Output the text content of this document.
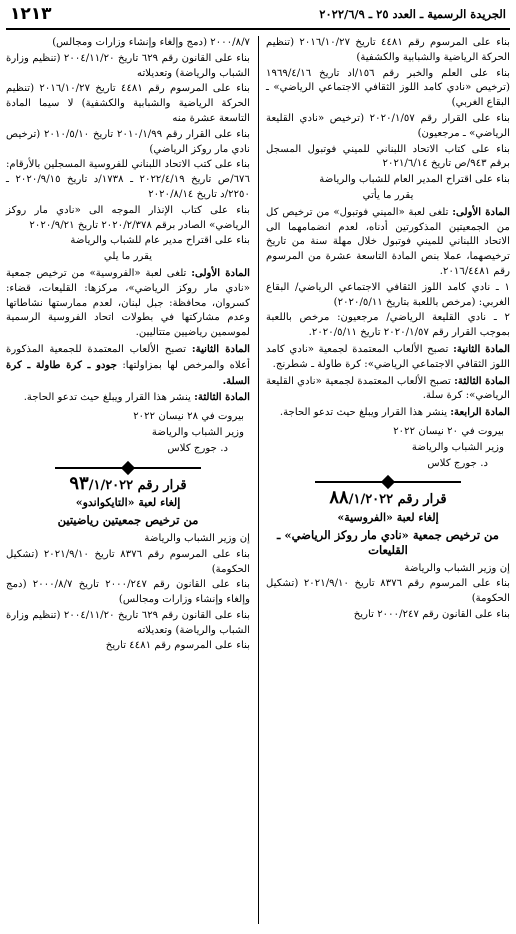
الجريدة الرسمية ـ العدد ٢٥ ـ ٢٠٢٢/٦/٩
١٢١٣

بناء على المرسوم رقم ٤٤٨١ تاريخ ٢٠١٦/١٠/٢٧ (تنظيم الحركة الرياضية والشبابية والكشفية)

بناء على العلم والخبر رقم ١٥٦/اد تاريخ ١٩٦٩/٤/١٦ (ترخيص «نادي كامد اللوز الثقافي الاجتماعي الرياضي» ـ البقاع الغربي)

بناء على القرار رقم ٢٠٢٠/١/٥٧ (ترخيص «نادي القليعة الرياضي» ـ مرجعيون)

بناء على كتاب الاتحاد اللبناني للميني فوتبول المسجل برقم ٩٤٣/ص تاريخ ٢٠٢١/٦/١٤

بناء على اقتراح المدير العام للشباب والرياضة

يقرر ما يأتي

المادة الأولى: تلغى لعبة «الميني فوتبول» من ترخيص كل من الجمعيتين المذكورتين أدناه، لعدم انضمامهما الى الاتحاد اللبناني للميني فوتبول خلال مهلة سنة من تاريخ ترخيصهما، عملا بنص المادة التاسعة عشرة من المرسوم رقم ٢٠١٦/٤٤٨١.

١ ـ نادي كامد اللوز الثقافي الاجتماعي الرياضي/ البقاع الغربي: (مرخص باللعبة بتاريخ ٢٠٢٠/٥/١١)

٢ ـ نادي القليعة الرياضي/ مرجعيون: مرخص باللعبة بموجب القرار رقم ٢٠٢٠/١/٥٧ تاريخ ٢٠٢٠/٥/١١.

المادة الثانية: تصبح الألعاب المعتمدة لجمعية «نادي كامد اللوز الثقافي الاجتماعي الرياضي»: كرة طاولة ـ شطرنج.

المادة الثالثة: تصبح الألعاب المعتمدة لجمعية «نادي القليعة الرياضي»: كرة سلة.

المادة الرابعة: ينشر هذا القرار ويبلغ حيث تدعو الحاجة.

بيروت في ٢٠ نيسان ٢٠٢٢

وزير الشباب والرياضة

د. جورج كلاس

قرار رقم ٨٨/١/٢٠٢٢
إلغاء لعبة «الفروسية»
من ترخيص جمعية «نادي مار روكز الرياضي» ـ القليعات

إن وزير الشباب والرياضة

بناء على المرسوم رقم ٨٣٧٦ تاريخ ٢٠٢١/٩/١٠ (تشكيل الحكومة)

بناء على القانون رقم ٢٠٠٠/٢٤٧ تاريخ

٢٠٠٠/٨/٧ (دمج وإلغاء وإنشاء وزارات ومجالس)

بناء على القانون رقم ٦٢٩ تاريخ ٢٠٠٤/١١/٢٠ (تنظيم وزارة الشباب والرياضة) وتعديلاته

بناء على المرسوم رقم ٤٤٨١ تاريخ ٢٠١٦/١٠/٢٧ (تنظيم الحركة الرياضية والشبابية والكشفية) لا سيما المادة التاسعة عشرة منه

بناء على القرار رقم ٢٠١٠/١/٩٩ تاريخ ٢٠١٠/٥/١٠ (ترخيص نادي مار روكز الرياضي)

بناء على كتب الاتحاد اللبناني للفروسية المسجلين بالأرقام: ٦٧٦/ص تاريخ ٢٠٢٢/٤/١٩ ـ ١٧٣٨/د تاريخ ٢٠٢٠/٩/١٥ ـ ٢٢٥٠/د تاريخ ٢٠٢٠/٨/١٤

بناء على كتاب الإنذار الموجه الى «نادي مار روكز الرياضي» الصادر برقم ٢٠٢٠/٢/٣٧٨ تاريخ ٢٠٢٠/٩/٢١

بناء على اقتراح مدير عام للشباب والرياضة

يقرر ما يلي

المادة الأولى: تلغى لعبة «الفروسية» من ترخيص جمعية «نادي مار روكز الرياضي»، مركزها: القليعات، قضاء: كسروان، محافظة: جبل لبنان، لعدم ممارستها نشاطاتها وعدم مشاركتها في بطولات اتحاد الفروسية الرسمية لموسمين رياضيين متتاليين.

المادة الثانية: تصبح الألعاب المعتمدة للجمعية المذكورة أعلاه والمرخص لها بمزاولتها: جودو ـ كرة طاولة ـ كرة السلة.

المادة الثالثة: ينشر هذا القرار ويبلغ حيث تدعو الحاجة.

بيروت في ٢٨ نيسان ٢٠٢٢

وزير الشباب والرياضة

د. جورج كلاس

قرار رقم ٩٣/١/٢٠٢٢
إلغاء لعبة «التايكواندو»
من ترخيص جمعيتين رياضيتين

إن وزير الشباب والرياضة

بناء على المرسوم رقم ٨٣٧٦ تاريخ ٢٠٢١/٩/١٠ (تشكيل الحكومة)

بناء على القانون رقم ٢٠٠٠/٢٤٧ تاريخ ٢٠٠٠/٨/٧ (دمج وإلغاء وإنشاء وزارات ومجالس)

بناء على القانون رقم ٦٢٩ تاريخ ٢٠٠٤/١١/٢٠ (تنظيم وزارة الشباب والرياضة) وتعديلاته

بناء على المرسوم رقم ٤٤٨١ تاريخ
